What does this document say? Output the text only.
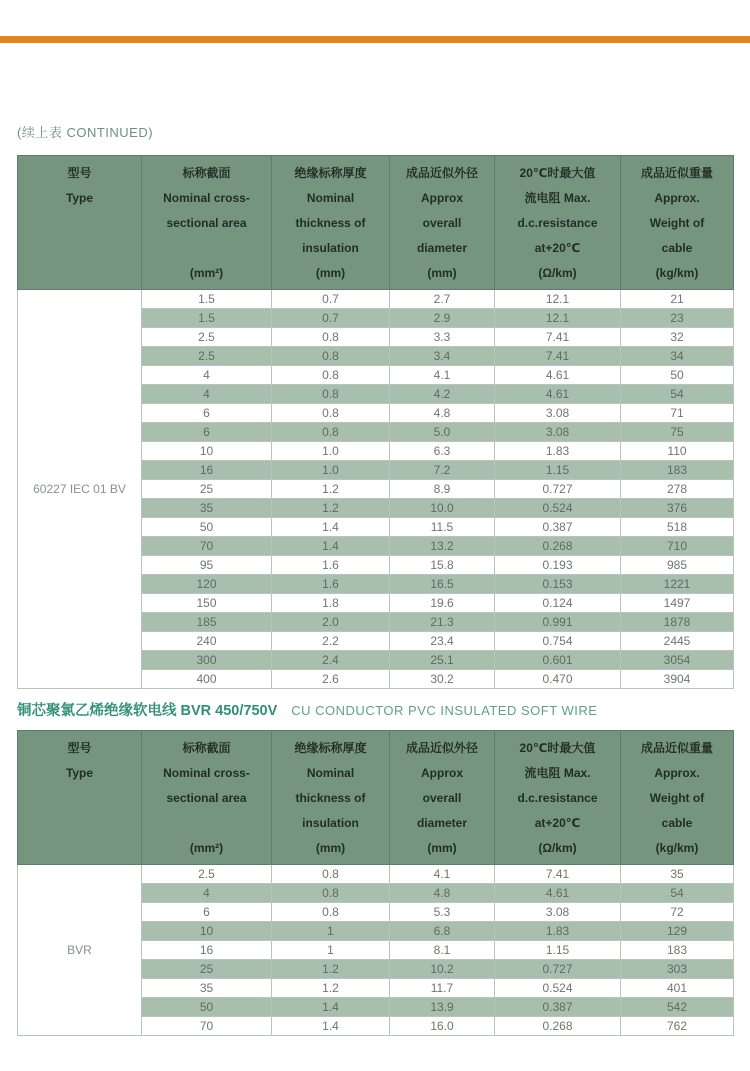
(续上表 CONTINUED)
型号
Type

标称截面
Nominal cross-
sectional area

(mm²)

绝缘标称厚度
Nominal
thickness of
insulation
(mm)

成品近似外径
Approx
overall
diameter
(mm)

20℃时最大值
流电阻 Max.
d.c.resistance
at+20℃
(Ω/km)

成品近似重量
Approx.
Weight of
cable
(kg/km)

60227 IEC 01 BV	1.5	0.7	2.7	12.1	21
	1.5	0.7	2.9	12.1	23
	2.5	0.8	3.3	7.41	32
	2.5	0.8	3.4	7.41	34
	4	0.8	4.1	4.61	50
	4	0.8	4.2	4.61	54
	6	0.8	4.8	3.08	71
	6	0.8	5.0	3.08	75
	10	1.0	6.3	1.83	110
	16	1.0	7.2	1.15	183
	25	1.2	8.9	0.727	278
	35	1.2	10.0	0.524	376
	50	1.4	11.5	0.387	518
	70	1.4	13.2	0.268	710
	95	1.6	15.8	0.193	985
	120	1.6	16.5	0.153	1221
	150	1.8	19.6	0.124	1497
	185	2.0	21.3	0.991	1878
	240	2.2	23.4	0.754	2445
	300	2.4	25.1	0.601	3054
	400	2.6	30.2	0.470	3904
铜芯聚氯乙烯绝缘软电线 BVR 450/750V CU CONDUCTOR PVC INSULATED SOFT WIRE
型号
Type

标称截面
Nominal cross-
sectional area

(mm²)

绝缘标称厚度
Nominal
thickness of
insulation
(mm)

成品近似外径
Approx
overall
diameter
(mm)

20℃时最大值
流电阻 Max.
d.c.resistance
at+20℃
(Ω/km)

成品近似重量
Approx.
Weight of
cable
(kg/km)

BVR	2.5	0.8	4.1	7.41	35
	4	0.8	4.8	4.61	54
	6	0.8	5.3	3.08	72
	10	1	6.8	1.83	129
	16	1	8.1	1.15	183
	25	1.2	10.2	0.727	303
	35	1.2	11.7	0.524	401
	50	1.4	13.9	0.387	542
	70	1.4	16.0	0.268	762
